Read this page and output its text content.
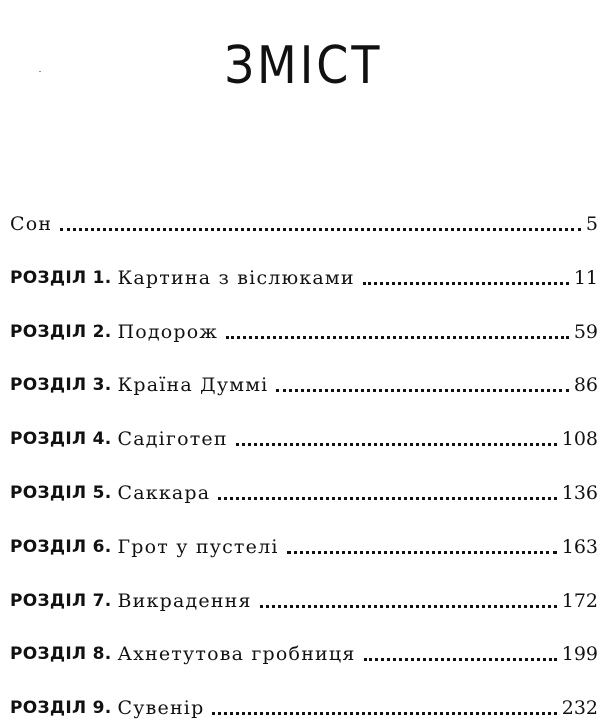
ЗМІСТ
Сон	5
РОЗДІЛ 1. Картина з віслюками	11
РОЗДІЛ 2. Подорож	59
РОЗДІЛ 3. Країна Думмі	86
РОЗДІЛ 4. Садіготеп	108
РОЗДІЛ 5. Саккара	136
РОЗДІЛ 6. Грот у пустелі	163
РОЗДІЛ 7. Викрадення	172
РОЗДІЛ 8. Ахнетутова гробниця	199
РОЗДІЛ 9. Сувенір	232
